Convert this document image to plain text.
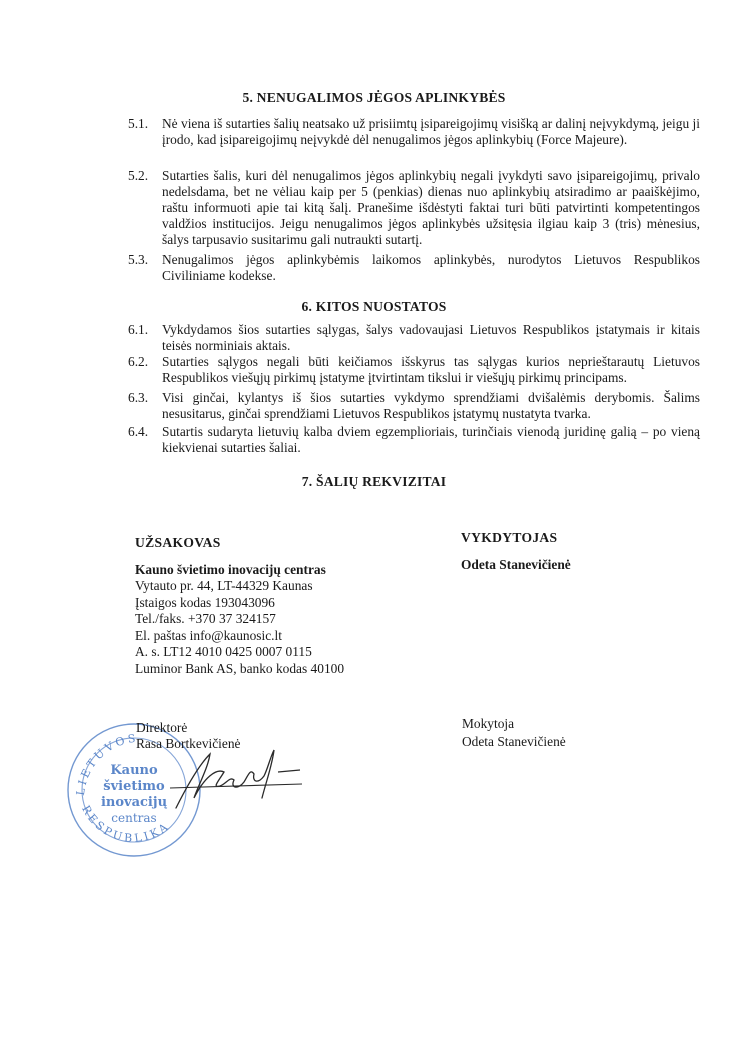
5. NENUGALIMOS JĖGOS APLINKYBĖS
5.1.	Nė viena iš sutarties šalių neatsako už prisiimtų įsipareigojimų visišką ar dalinį neįvykdymą, jeigu ji įrodo, kad įsipareigojimų neįvykdė dėl nenugalimos jėgos aplinkybių (Force Majeure).
5.2.	Sutarties šalis, kuri dėl nenugalimos jėgos aplinkybių negali įvykdyti savo įsipareigojimų, privalo nedelsdama, bet ne vėliau kaip per 5 (penkias) dienas nuo aplinkybių atsiradimo ar paaiškėjimo, raštu informuoti apie tai kitą šalį. Pranešime išdėstyti faktai turi būti patvirtinti kompetentingos valdžios institucijos. Jeigu nenugalimos jėgos aplinkybės užsitęsia ilgiau kaip 3 (tris) mėnesius, šalys tarpusavio susitarimu gali nutraukti sutartį.
5.3.	Nenugalimos jėgos aplinkybėmis laikomos aplinkybės, nurodytos Lietuvos Respublikos Civiliniame kodekse.
6. KITOS NUOSTATOS
6.1.	Vykdydamos šios sutarties sąlygas, šalys vadovaujasi Lietuvos Respublikos įstatymais ir kitais teisės norminiais aktais.
6.2.	Sutarties sąlygos negali būti keičiamos išskyrus tas sąlygas kurios neprieštarautų Lietuvos Respublikos viešųjų pirkimų įstatyme įtvirtintam tikslui ir viešųjų pirkimų principams.
6.3.	Visi ginčai, kylantys iš šios sutarties vykdymo sprendžiami dvišalėmis derybomis. Šalims nesusitarus, ginčai sprendžiami Lietuvos Respublikos įstatymų nustatyta tvarka.
6.4.	Sutartis sudaryta lietuvių kalba dviem egzemplioriais, turinčiais vienodą juridinę galią – po vieną kiekvienai sutarties šaliai.
7. ŠALIŲ REKVIZITAI
UŽSAKOVAS
Kauno švietimo inovacijų centras
Vytauto pr. 44, LT-44329 Kaunas
Įstaigos kodas 193043096
Tel./faks. +370 37 324157
El. paštas info@kaunosic.lt
A. s. LT12 4010 0425 0007 0115
Luminor Bank AS, banko kodas 40100
VYKDYTOJAS
Odeta Stanevičienė
LIETUVOS
RESPUBLIKA
Kauno
švietimo
inovacijų
centras
Direktorė
Rasa Bortkevičienė
Mokytoja
Odeta Stanevičienė
